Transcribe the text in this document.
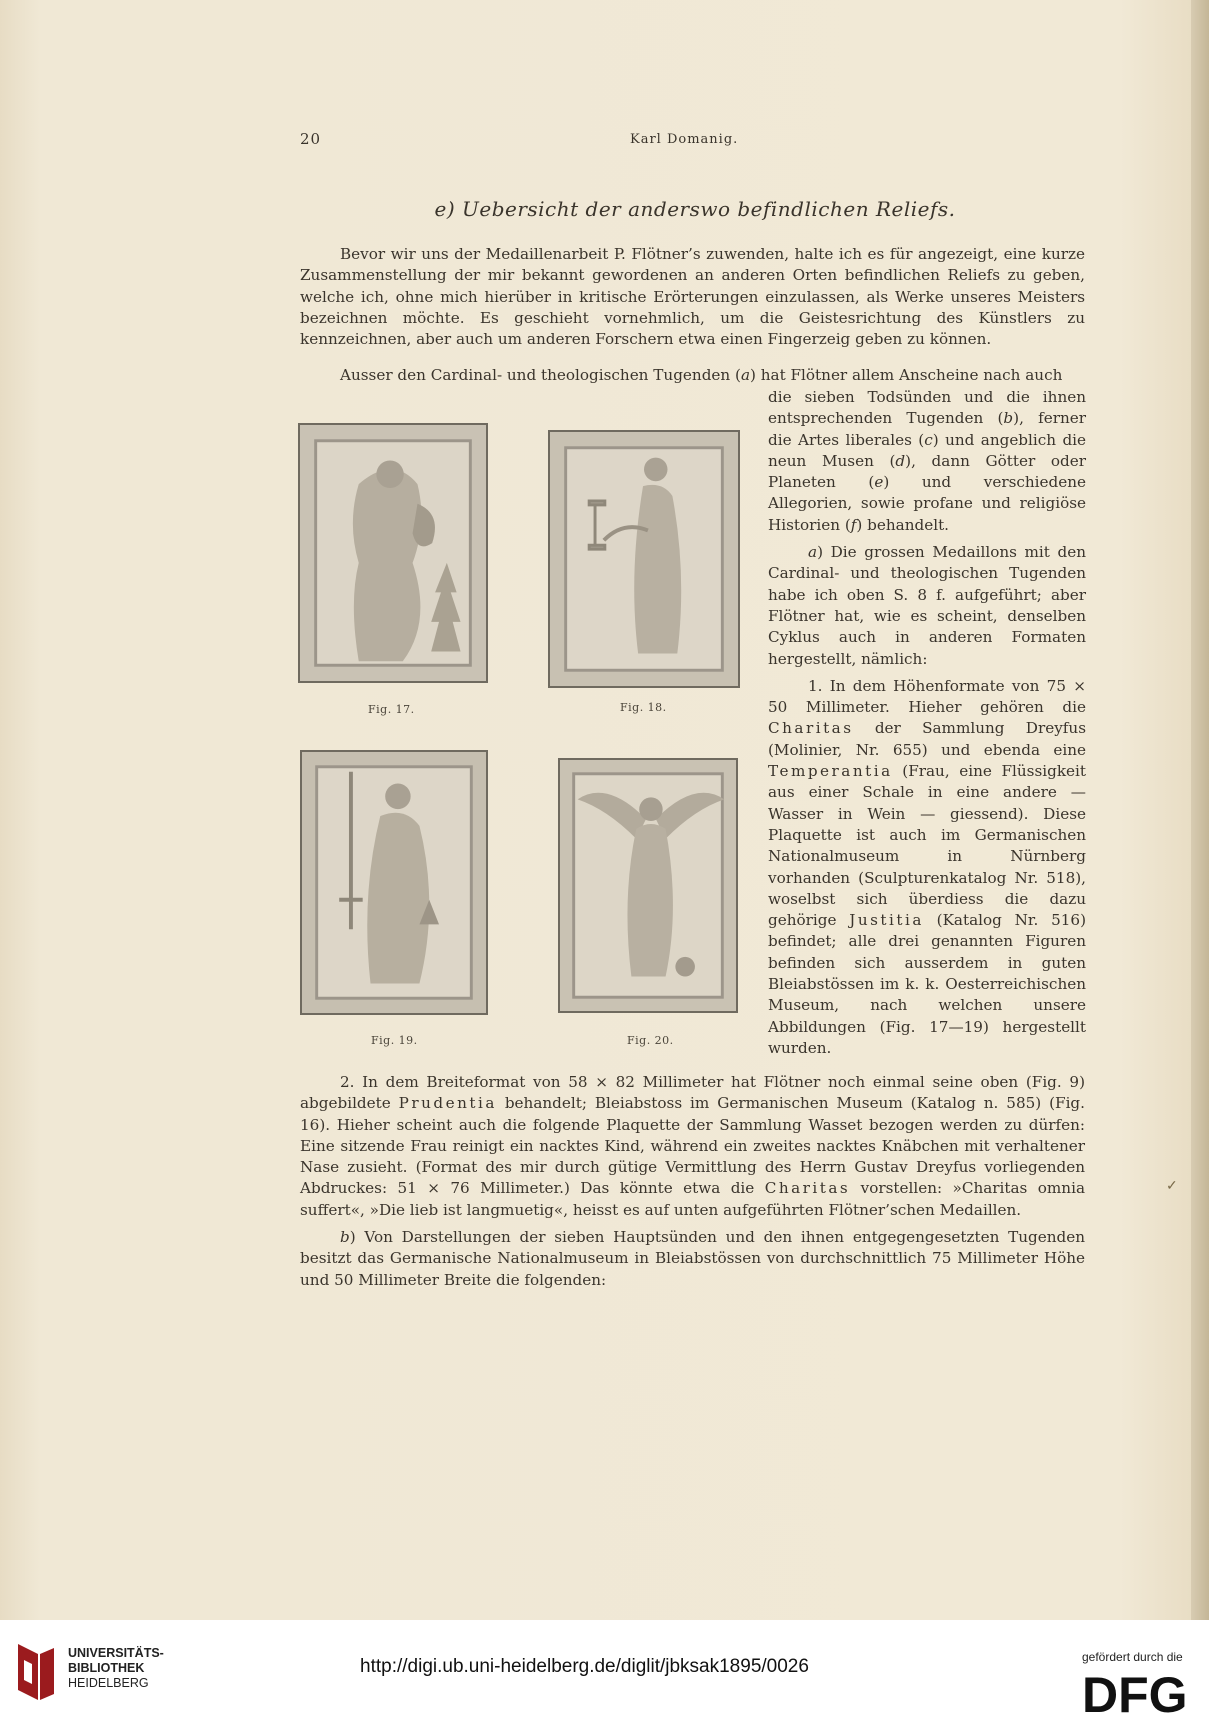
20	Karl Domanig.
e) Uebersicht der anderswo befindlichen Reliefs.

Bevor wir uns der Medaillenarbeit P. Flötner’s zuwenden, halte ich es für angezeigt, eine kurze Zusammenstellung der mir bekannt gewordenen an anderen Orten befindlichen Reliefs zu geben, welche ich, ohne mich hierüber in kritische Erörterungen einzulassen, als Werke unseres Meisters bezeichnen möchte. Es geschieht vornehmlich, um die Geistesrichtung des Künstlers zu kennzeichnen, aber auch um anderen Forschern etwa einen Fingerzeig geben zu können.

Ausser den Cardinal- und theologischen Tugenden (a) hat Flötner allem Anscheine nach auch

Fig. 17.	Fig. 18.
Fig. 19.	Fig. 20.

die sieben Todsünden und die ihnen entsprechenden Tugenden (b), ferner die Artes liberales (c) und angeblich die neun Musen (d), dann Götter oder Planeten (e) und verschiedene Allegorien, sowie profane und religiöse Historien (f) behandelt.

a) Die grossen Medaillons mit den Cardinal- und theologischen Tugenden habe ich oben S. 8 f. aufgeführt; aber Flötner hat, wie es scheint, denselben Cyklus auch in anderen Formaten hergestellt, nämlich:

1. In dem Höhenformate von 75 × 50 Millimeter. Hieher gehören die Charitas der Sammlung Dreyfus (Molinier, Nr. 655) und ebenda eine Temperantia (Frau, eine Flüssigkeit aus einer Schale in eine andere — Wasser in Wein — giessend). Diese Plaquette ist auch im Germanischen Nationalmuseum in Nürnberg vorhanden (Sculpturenkatalog Nr. 518), woselbst sich überdiess die dazu gehörige Justitia (Katalog Nr. 516) befindet; alle drei genannten Figuren befinden sich ausserdem in guten Bleiabstössen im k. k. Oesterreichischen Museum, nach welchen unsere Abbildungen (Fig. 17—19) hergestellt wurden.

2. In dem Breiteformat von 58 × 82 Millimeter hat Flötner noch einmal seine oben (Fig. 9) abgebildete Prudentia behandelt; Bleiabstoss im Germanischen Museum (Katalog n. 585) (Fig. 16). Hieher scheint auch die folgende Plaquette der Sammlung Wasset bezogen werden zu dürfen: Eine sitzende Frau reinigt ein nacktes Kind, während ein zweites nacktes Knäbchen mit verhaltener Nase zusieht. (Format des mir durch gütige Vermittlung des Herrn Gustav Dreyfus vorliegenden Abdruckes: 51 × 76 Millimeter.) Das könnte etwa die Charitas vorstellen: »Charitas omnia suffert«, »Die lieb ist langmuetig«, heisst es auf unten aufgeführten Flötner’schen Medaillen.

b) Von Darstellungen der sieben Hauptsünden und den ihnen entgegengesetzten Tugenden besitzt das Germanische Nationalmuseum in Bleiabstössen von durchschnittlich 75 Millimeter Höhe und 50 Millimeter Breite die folgenden:

✓
UNIVERSITÄTS-
BIBLIOTHEK
HEIDELBERG
http://digi.ub.uni-heidelberg.de/diglit/jbksak1895/0026	gefördert durch die
DFG
